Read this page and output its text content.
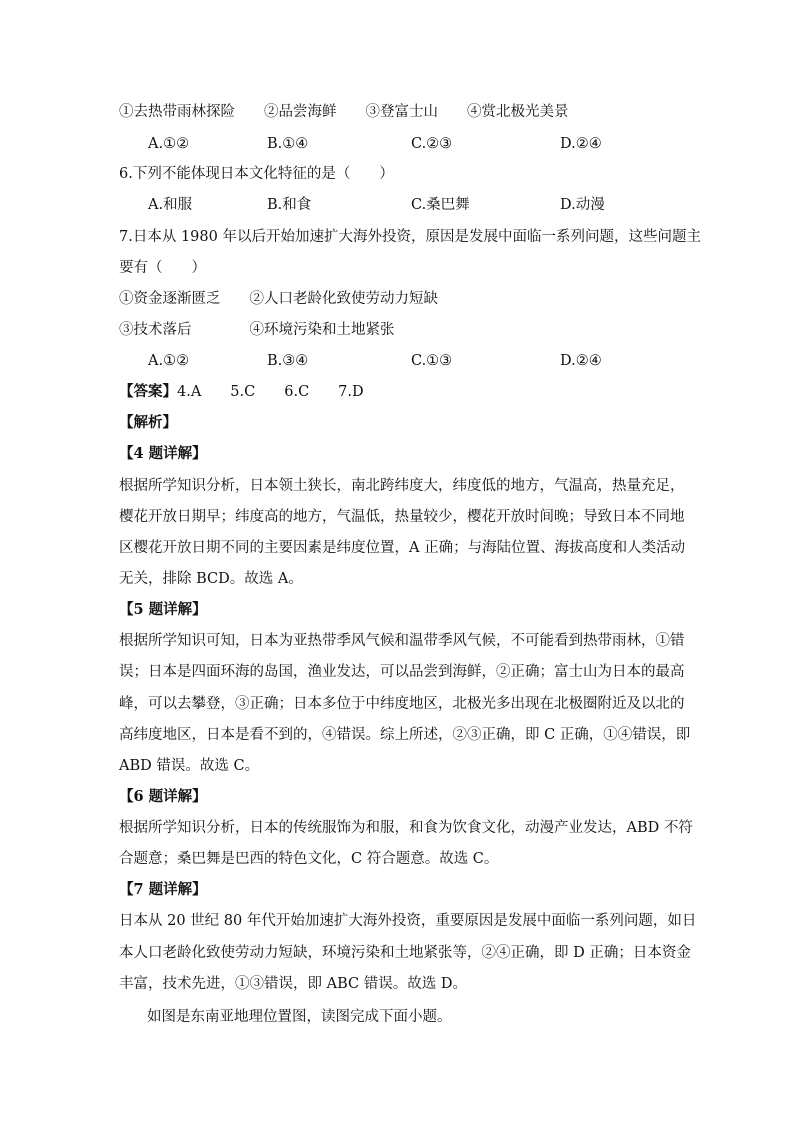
①去热带雨林探险　　②品尝海鲜　　③登富士山　　④赏北极光美景
A.①②	B.①④	C.②③	D.②④
6.下列不能体现日本文化特征的是（　　）
A.和服	B.和食	C.桑巴舞	D.动漫
7.日本从 1980 年以后开始加速扩大海外投资，原因是发展中面临一系列问题，这些问题主
要有（　　）
①资金逐渐匮乏　　②人口老龄化致使劳动力短缺
③技术落后　　　　④环境污染和土地紧张
A.①②	B.③④	C.①③	D.②④
【答案】4.A　　5.C　　6.C　　7.D
【解析】
【4 题详解】
根据所学知识分析，日本领土狭长，南北跨纬度大，纬度低的地方，气温高，热量充足，
樱花开放日期早；纬度高的地方，气温低，热量较少，樱花开放时间晚；导致日本不同地
区樱花开放日期不同的主要因素是纬度位置，A 正确；与海陆位置、海拔高度和人类活动
无关，排除 BCD。故选 A。
【5 题详解】
根据所学知识可知，日本为亚热带季风气候和温带季风气候，不可能看到热带雨林，①错
误；日本是四面环海的岛国，渔业发达，可以品尝到海鲜，②正确；富士山为日本的最高
峰，可以去攀登，③正确；日本多位于中纬度地区，北极光多出现在北极圈附近及以北的
高纬度地区，日本是看不到的，④错误。综上所述，②③正确，即 C 正确，①④错误，即
ABD 错误。故选 C。
【6 题详解】
根据所学知识分析，日本的传统服饰为和服，和食为饮食文化，动漫产业发达，ABD 不符
合题意；桑巴舞是巴西的特色文化，C 符合题意。故选 C。
【7 题详解】
日本从 20 世纪 80 年代开始加速扩大海外投资，重要原因是发展中面临一系列问题，如日
本人口老龄化致使劳动力短缺，环境污染和土地紧张等，②④正确，即 D 正确；日本资金
丰富，技术先进，①③错误，即 ABC 错误。故选 D。
如图是东南亚地理位置图，读图完成下面小题。
